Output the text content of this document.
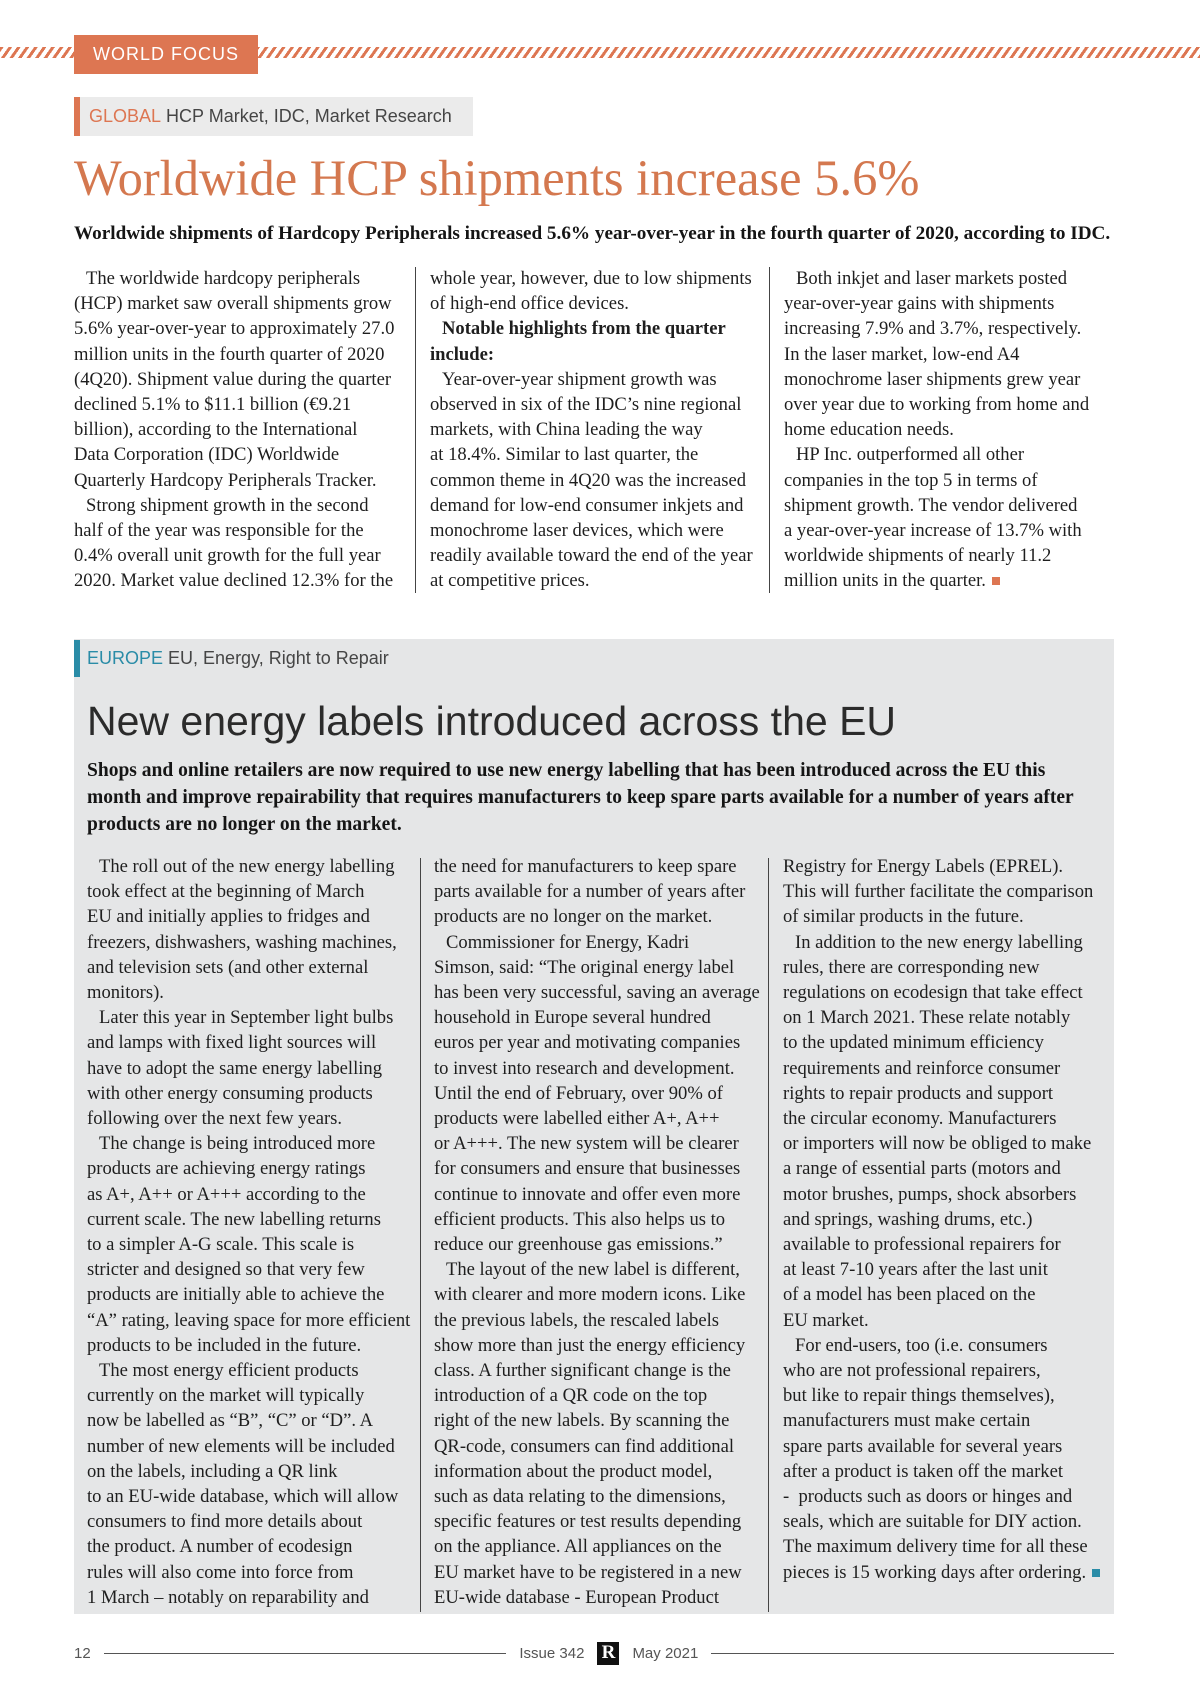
WORLD FOCUS
GLOBAL HCP Market, IDC, Market Research
Worldwide HCP shipments increase 5.6%

Worldwide shipments of Hardcopy Peripherals increased 5.6% year-over-year in the fourth quarter of 2020, according to IDC.

The worldwide hardcopy peripherals
(HCP) market saw overall shipments grow
5.6% year-over-year to approximately 27.0
million units in the fourth quarter of 2020
(4Q20). Shipment value during the quarter
declined 5.1% to $11.1 billion (€9.21
billion), according to the International
Data Corporation (IDC) Worldwide
Quarterly Hardcopy Peripherals Tracker.

Strong shipment growth in the second
half of the year was responsible for the
0.4% overall unit growth for the full year
2020. Market value declined 12.3% for the

whole year, however, due to low shipments
of high-end office devices.

Notable highlights from the quarter
include:

Year-over-year shipment growth was
observed in six of the IDC’s nine regional
markets, with China leading the way
at 18.4%. Similar to last quarter, the
common theme in 4Q20 was the increased
demand for low-end consumer inkjets and
monochrome laser devices, which were
readily available toward the end of the year
at competitive prices.

Both inkjet and laser markets posted
year-over-year gains with shipments
increasing 7.9% and 3.7%, respectively.
In the laser market, low-end A4
monochrome laser shipments grew year
over year due to working from home and
home education needs.

HP Inc. outperformed all other
companies in the top 5 in terms of
shipment growth. The vendor delivered
a year-over-year increase of 13.7% with
worldwide shipments of nearly 11.2
million units in the quarter.

EUROPE EU, Energy, Right to Repair
New energy labels introduced across the EU

Shops and online retailers are now required to use new energy labelling that has been introduced across the EU this
month and improve repairability that requires manufacturers to keep spare parts available for a number of years after
products are no longer on the market.

The roll out of the new energy labelling
took effect at the beginning of March
EU and initially applies to fridges and
freezers, dishwashers, washing machines,
and television sets (and other external
monitors).

Later this year in September light bulbs
and lamps with fixed light sources will
have to adopt the same energy labelling
with other energy consuming products
following over the next few years.

The change is being introduced more
products are achieving energy ratings
as A+, A++ or A+++ according to the
current scale. The new labelling returns
to a simpler A-G scale. This scale is
stricter and designed so that very few
products are initially able to achieve the
“A” rating, leaving space for more efficient
products to be included in the future.

The most energy efficient products
currently on the market will typically
now be labelled as “B”, “C” or “D”. A
number of new elements will be included
on the labels, including a QR link
to an EU-wide database, which will allow
consumers to find more details about
the product. A number of ecodesign
rules will also come into force from
1 March – notably on reparability and

the need for manufacturers to keep spare
parts available for a number of years after
products are no longer on the market.

Commissioner for Energy, Kadri
Simson, said: “The original energy label
has been very successful, saving an average
household in Europe several hundred
euros per year and motivating companies
to invest into research and development.
Until the end of February, over 90% of
products were labelled either A+, A++
or A+++. The new system will be clearer
for consumers and ensure that businesses
continue to innovate and offer even more
efficient products. This also helps us to
reduce our greenhouse gas emissions.”

The layout of the new label is different,
with clearer and more modern icons. Like
the previous labels, the rescaled labels
show more than just the energy efficiency
class. A further significant change is the
introduction of a QR code on the top
right of the new labels. By scanning the
QR-code, consumers can find additional
information about the product model,
such as data relating to the dimensions,
specific features or test results depending
on the appliance. All appliances on the
EU market have to be registered in a new
EU-wide database - European Product

Registry for Energy Labels (EPREL).
This will further facilitate the comparison
of similar products in the future.

In addition to the new energy labelling
rules, there are corresponding new
regulations on ecodesign that take effect
on 1 March 2021. These relate notably
to the updated minimum efficiency
requirements and reinforce consumer
rights to repair products and support
the circular economy. Manufacturers
or importers will now be obliged to make
a range of essential parts (motors and
motor brushes, pumps, shock absorbers
and springs, washing drums, etc.)
available to professional repairers for
at least 7-10 years after the last unit
of a model has been placed on the
EU market.

For end-users, too (i.e. consumers
who are not professional repairers,
but like to repair things themselves),
manufacturers must make certain
spare parts available for several years
after a product is taken off the market
-  products such as doors or hinges and
seals, which are suitable for DIY action.
The maximum delivery time for all these
pieces is 15 working days after ordering.

12	Issue 342 R May 2021
